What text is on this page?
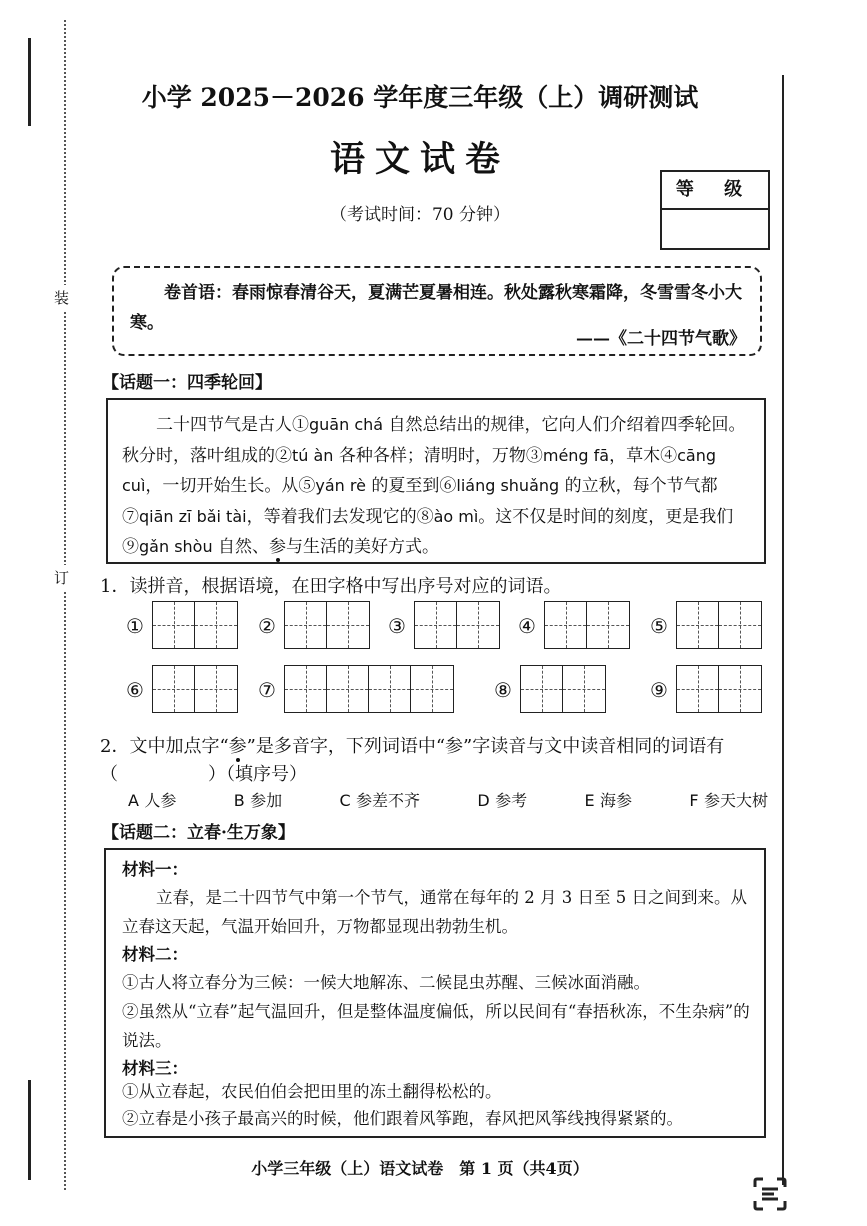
装
订
小学 2025－2026 学年度三年级（上）调研测试
语文试卷
（考试时间：70 分钟）
等 级
卷首语：春雨惊春清谷天，夏满芒夏暑相连。秋处露秋寒霜降，冬雪雪冬小大寒。
——《二十四节气歌》
【话题一：四季轮回】
二十四节气是古人①guān chá 自然总结出的规律，它向人们介绍着四季轮回。秋分时，落叶组成的②tú àn 各种各样；清明时，万物③méng fā，草木④cāng cuì，一切开始生长。从⑤yán rè 的夏至到⑥liáng shuǎng 的立秋，每个节气都⑦qiān zī bǎi tài，等着我们去发现它的⑧ào mì。这不仅是时间的刻度，更是我们⑨gǎn shòu 自然、参与生活的美好方式。
1．读拼音，根据语境，在田字格中写出序号对应的词语。
①	②	③	④	⑤
⑥	⑦	⑧	⑨
2．文中加点字“参”是多音字，下列词语中“参”字读音与文中读音相同的词语有
（　　　　　）（填序号）
A 人参	B 参加	C 参差不齐	D 参考	E 海参	F 参天大树
【话题二：立春·生万象】
材料一：
立春，是二十四节气中第一个节气，通常在每年的 2 月 3 日至 5 日之间到来。从立春这天起，气温开始回升，万物都显现出勃勃生机。
材料二：
①古人将立春分为三候：一候大地解冻、二候昆虫苏醒、三候冰面消融。
②虽然从“立春”起气温回升，但是整体温度偏低，所以民间有“春捂秋冻，不生杂病”的说法。
材料三：
①从立春起，农民伯伯会把田里的冻土翻得松松的。
②立春是小孩子最高兴的时候，他们跟着风筝跑，春风把风筝线拽得紧紧的。
小学三年级（上）语文试卷　第 1 页（共4页）
